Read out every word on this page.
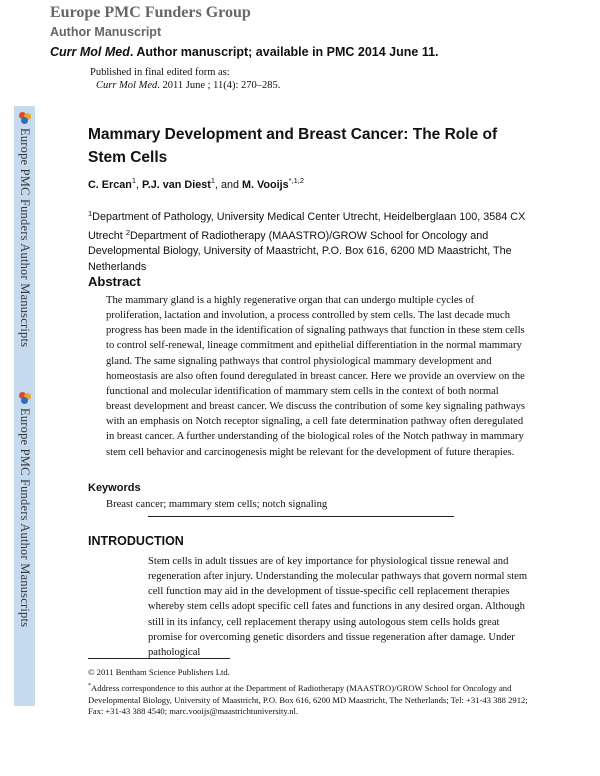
Europe PMC Funders Group
Author Manuscript
Curr Mol Med. Author manuscript; available in PMC 2014 June 11.
Published in final edited form as:
Curr Mol Med. 2011 June ; 11(4): 270–285.
Europe PMC Funders Author Manuscripts
Europe PMC Funders Author Manuscripts
Mammary Development and Breast Cancer: The Role of Stem Cells
C. Ercan$^1$, P.J. van Diest$^1$, and M. Vooijs$^{*,1,2}$
$^1$Department of Pathology, University Medical Center Utrecht, Heidelberglaan 100, 3584 CX Utrecht $^2$Department of Radiotherapy (MAASTRO)/GROW School for Oncology and Developmental Biology, University of Maastricht, P.O. Box 616, 6200 MD Maastricht, The Netherlands
Abstract
The mammary gland is a highly regenerative organ that can undergo multiple cycles of proliferation, lactation and involution, a process controlled by stem cells. The last decade much progress has been made in the identification of signaling pathways that function in these stem cells to control self-renewal, lineage commitment and epithelial differentiation in the normal mammary gland. The same signaling pathways that control physiological mammary development and homeostasis are also often found deregulated in breast cancer. Here we provide an overview on the functional and molecular identification of mammary stem cells in the context of both normal breast development and breast cancer. We discuss the contribution of some key signaling pathways with an emphasis on Notch receptor signaling, a cell fate determination pathway often deregulated in breast cancer. A further understanding of the biological roles of the Notch pathway in mammary stem cell behavior and carcinogenesis might be relevant for the development of future therapies.
Keywords
Breast cancer; mammary stem cells; notch signaling
INTRODUCTION
Stem cells in adult tissues are of key importance for physiological tissue renewal and regeneration after injury. Understanding the molecular pathways that govern normal stem cell function may aid in the development of tissue-specific cell replacement therapies whereby stem cells adopt specific cell fates and functions in any desired organ. Although still in its infancy, cell replacement therapy using autologous stem cells holds great promise for overcoming genetic disorders and tissue regeneration after damage. Under pathological
© 2011 Bentham Science Publishers Ltd.
*Address correspondence to this author at the Department of Radiotherapy (MAASTRO)/GROW School for Oncology and Developmental Biology, University of Maastricht, P.O. Box 616, 6200 MD Maastricht, The Netherlands; Tel: +31-43 388 2912; Fax: +31-43 388 4540; marc.vooijs@maastrichtuniversity.nl.
